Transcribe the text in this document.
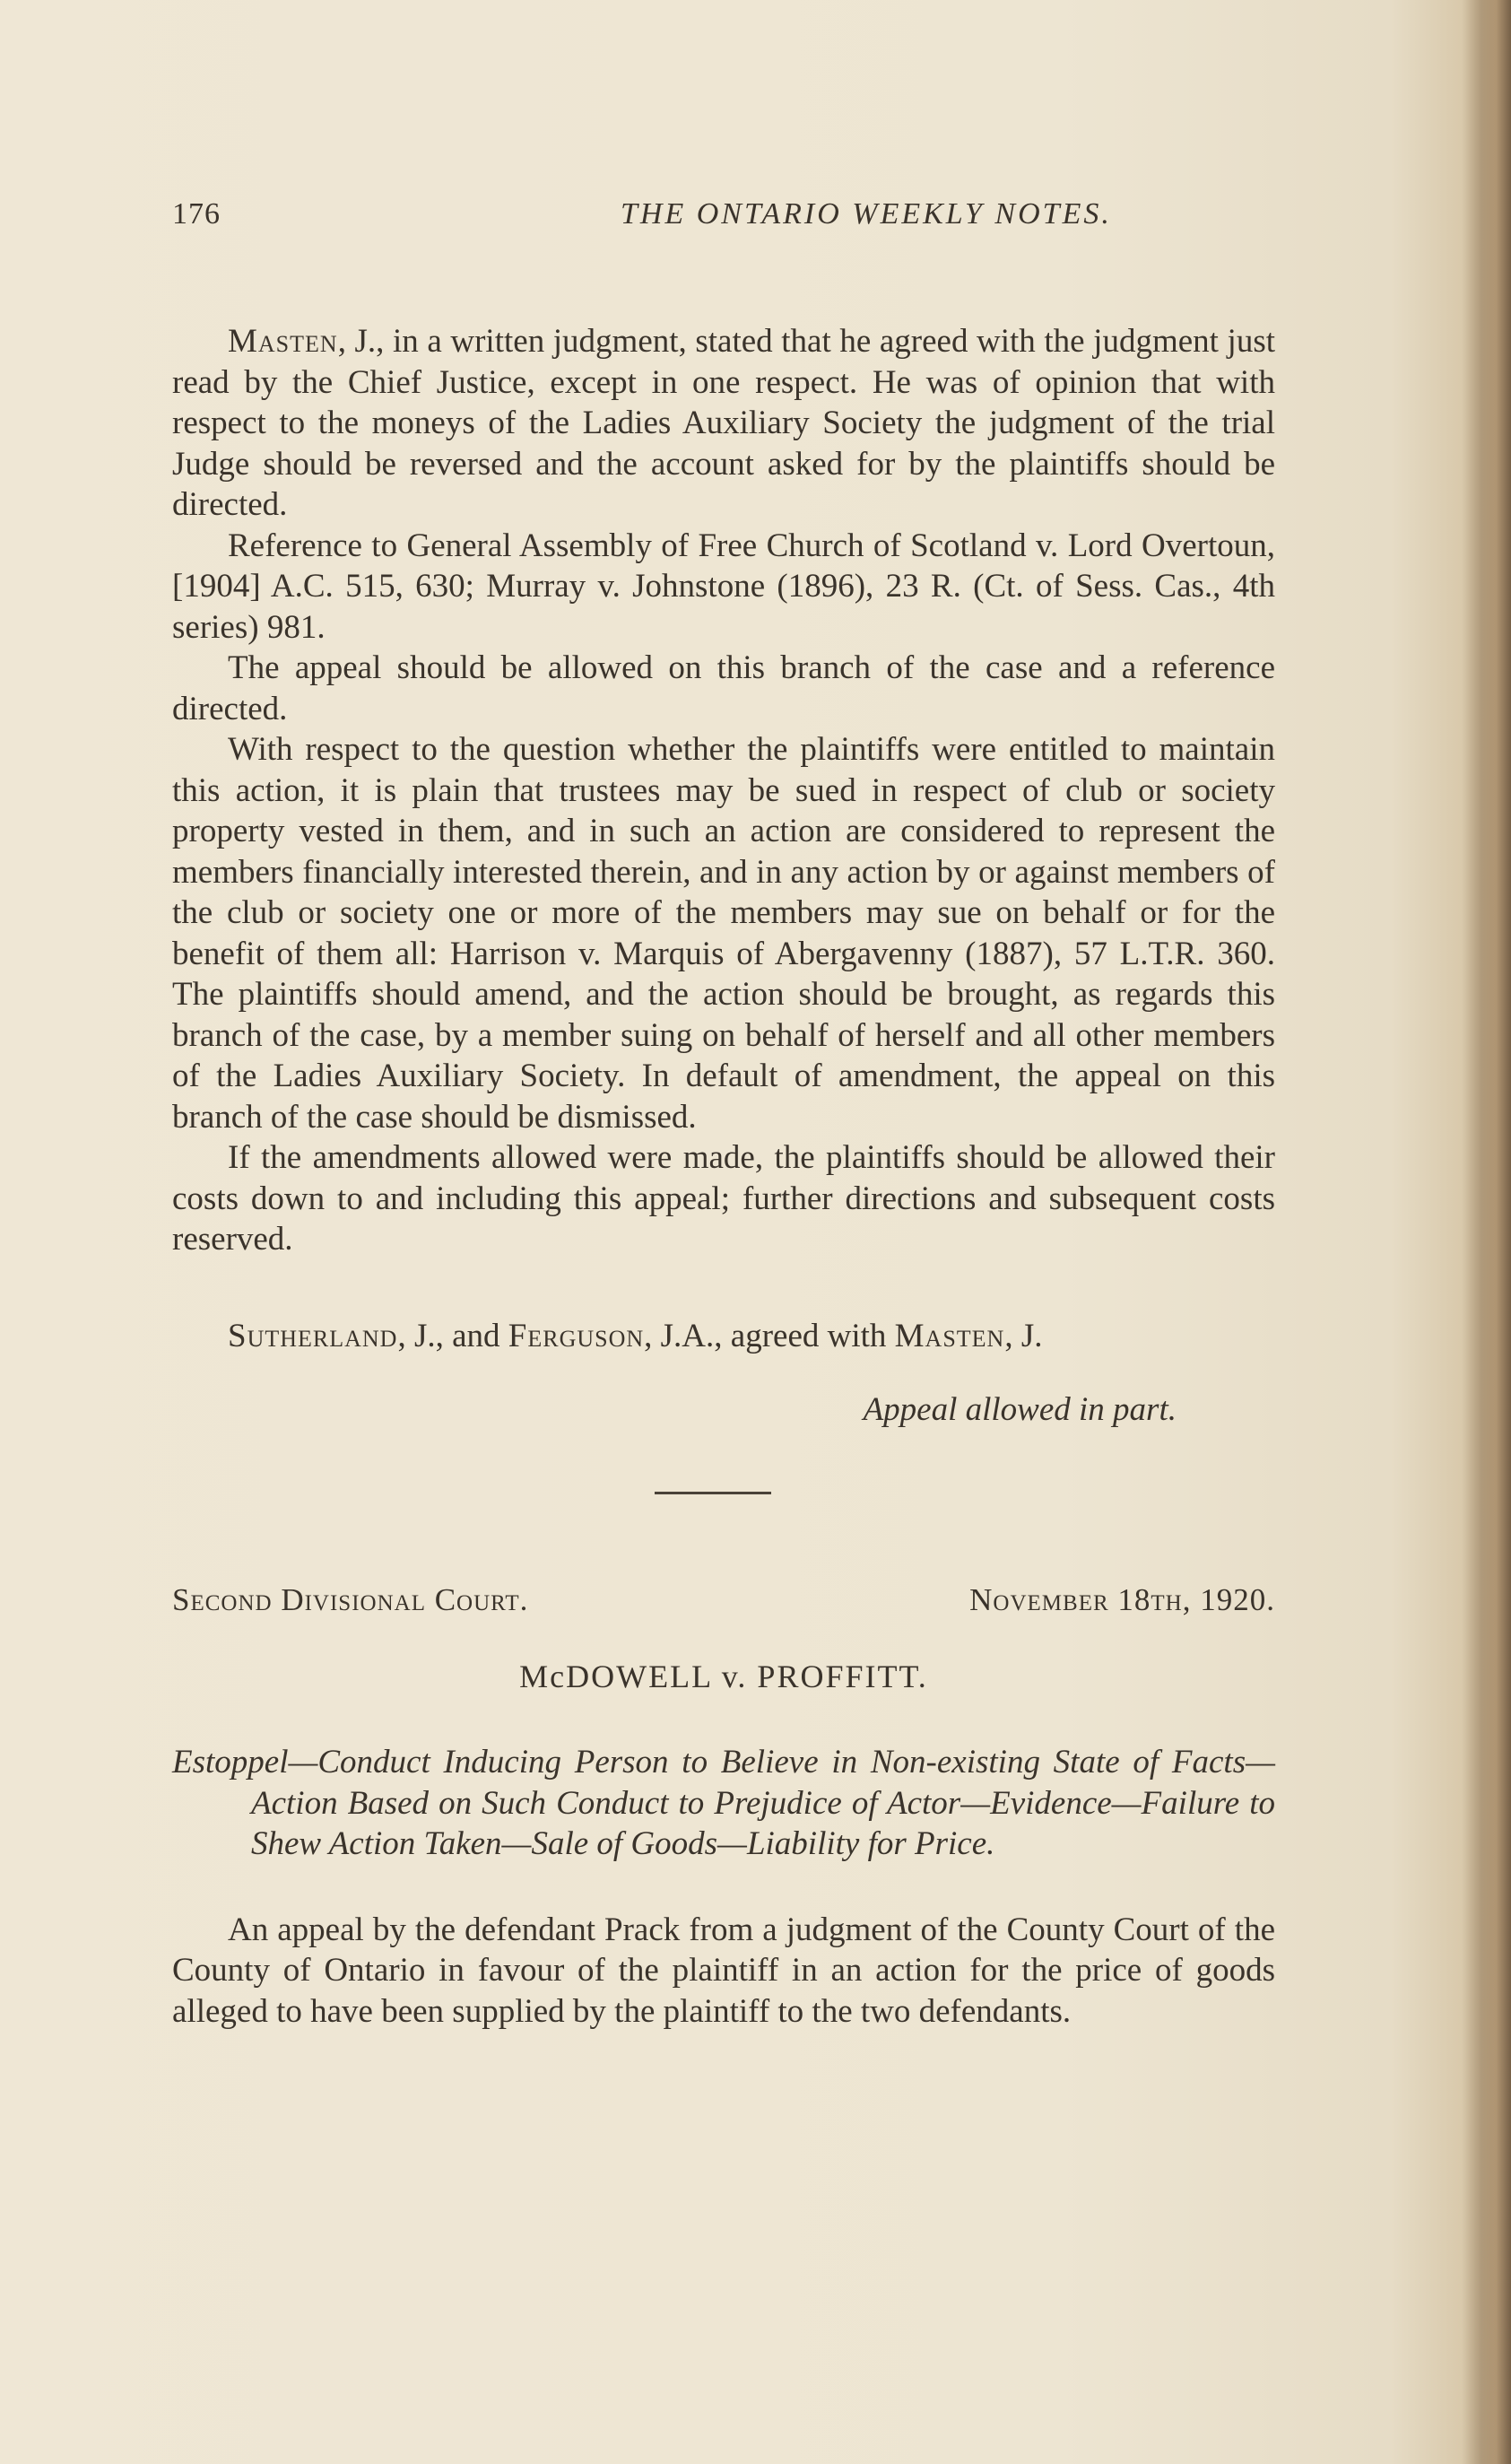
176	THE ONTARIO WEEKLY NOTES.

Masten, J., in a written judgment, stated that he agreed with the judgment just read by the Chief Justice, except in one respect. He was of opinion that with respect to the moneys of the Ladies Auxiliary Society the judgment of the trial Judge should be reversed and the account asked for by the plaintiffs should be directed.

Reference to General Assembly of Free Church of Scotland v. Lord Overtoun, [1904] A.C. 515, 630; Murray v. Johnstone (1896), 23 R. (Ct. of Sess. Cas., 4th series) 981.

The appeal should be allowed on this branch of the case and a reference directed.

With respect to the question whether the plaintiffs were entitled to maintain this action, it is plain that trustees may be sued in respect of club or society property vested in them, and in such an action are considered to represent the members financially interested therein, and in any action by or against members of the club or society one or more of the members may sue on behalf or for the benefit of them all: Harrison v. Marquis of Abergavenny (1887), 57 L.T.R. 360. The plaintiffs should amend, and the action should be brought, as regards this branch of the case, by a member suing on behalf of herself and all other members of the Ladies Auxiliary Society. In default of amendment, the appeal on this branch of the case should be dismissed.

If the amendments allowed were made, the plaintiffs should be allowed their costs down to and including this appeal; further directions and subsequent costs reserved.

Sutherland, J., and Ferguson, J.A., agreed with Masten, J.

Appeal allowed in part.
Second Divisional Court.	November 18th, 1920.
McDOWELL v. PROFFITT.
Estoppel—Conduct Inducing Person to Believe in Non-existing State of Facts—Action Based on Such Conduct to Prejudice of Actor—Evidence—Failure to Shew Action Taken—Sale of Goods—Liability for Price.

An appeal by the defendant Prack from a judgment of the County Court of the County of Ontario in favour of the plaintiff in an action for the price of goods alleged to have been supplied by the plaintiff to the two defendants.
